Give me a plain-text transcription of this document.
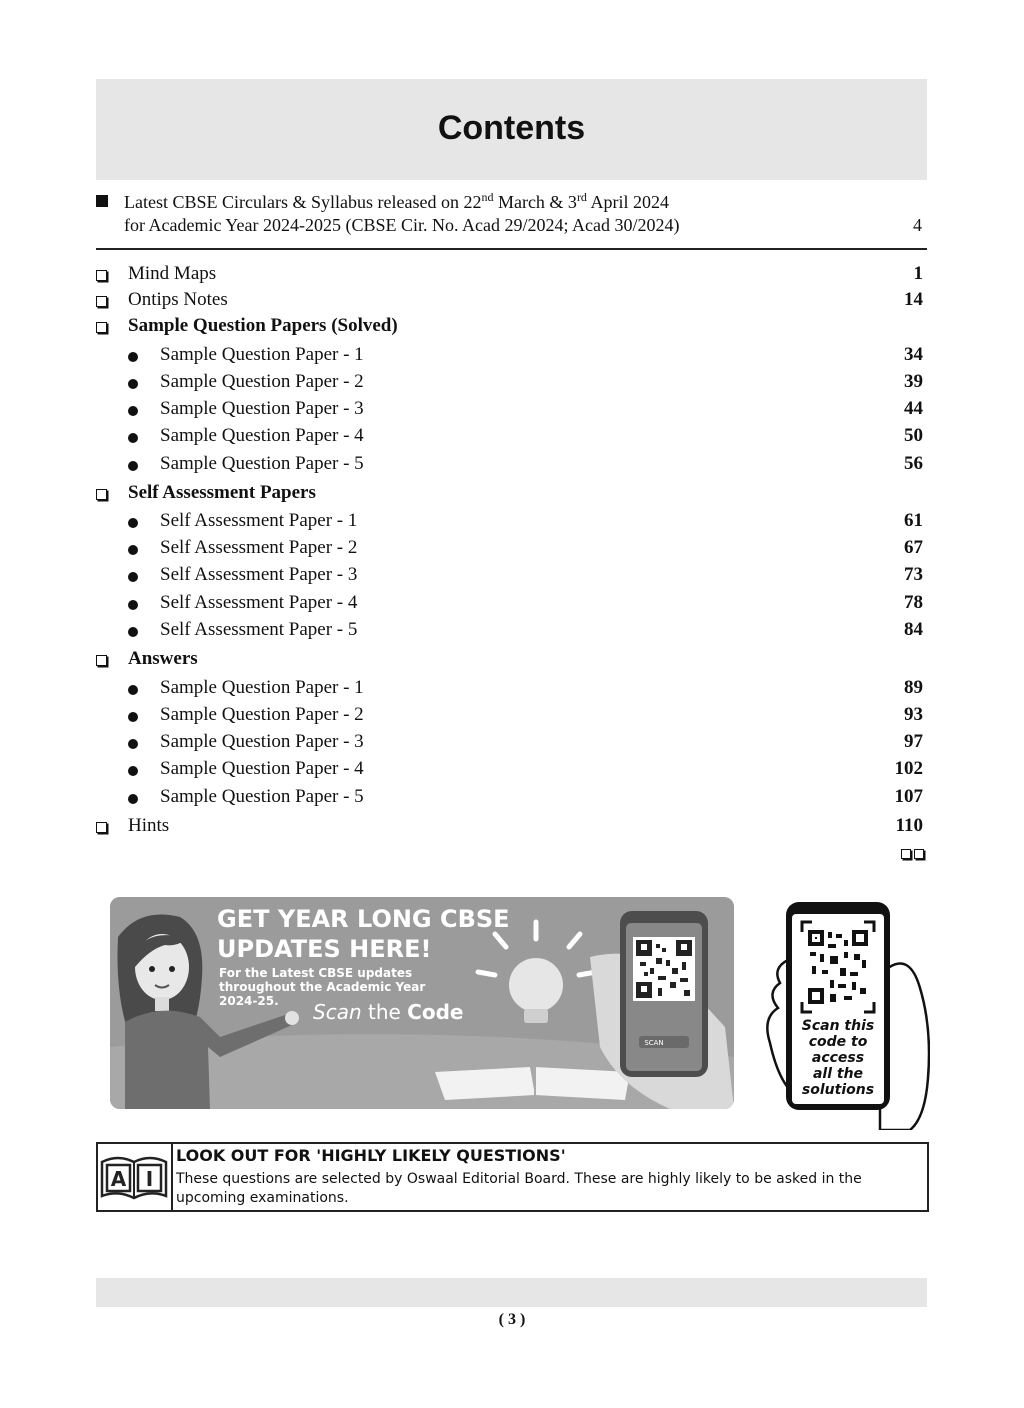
Contents
Latest CBSE Circulars & Syllabus released on 22nd March & 3rd April 2024
for Academic Year 2024-2025 (CBSE Cir. No. Acad 29/2024; Acad 30/2024)	4
Mind Maps	1
Ontips Notes	14
Sample Question Papers (Solved)
Sample Question Paper - 1	34
Sample Question Paper - 2	39
Sample Question Paper - 3	44
Sample Question Paper - 4	50
Sample Question Paper - 5	56
Self Assessment Papers
Self Assessment Paper - 1	61
Self Assessment Paper - 2	67
Self Assessment Paper - 3	73
Self Assessment Paper - 4	78
Self Assessment Paper - 5	84
Answers
Sample Question Paper - 1	89
Sample Question Paper - 2	93
Sample Question Paper - 3	97
Sample Question Paper - 4	102
Sample Question Paper - 5	107
Hints	110
GET YEAR LONG CBSE
UPDATES HERE!
For the Latest CBSE updates
throughout the Academic Year
2024-25.	Scan the Code
SCAN
Scan this
code to
access
all the
solutions
A I
LOOK OUT FOR 'HIGHLY LIKELY QUESTIONS'
These questions are selected by Oswaal Editorial Board. These are highly likely to be asked in the upcoming examinations.
( 3 )
